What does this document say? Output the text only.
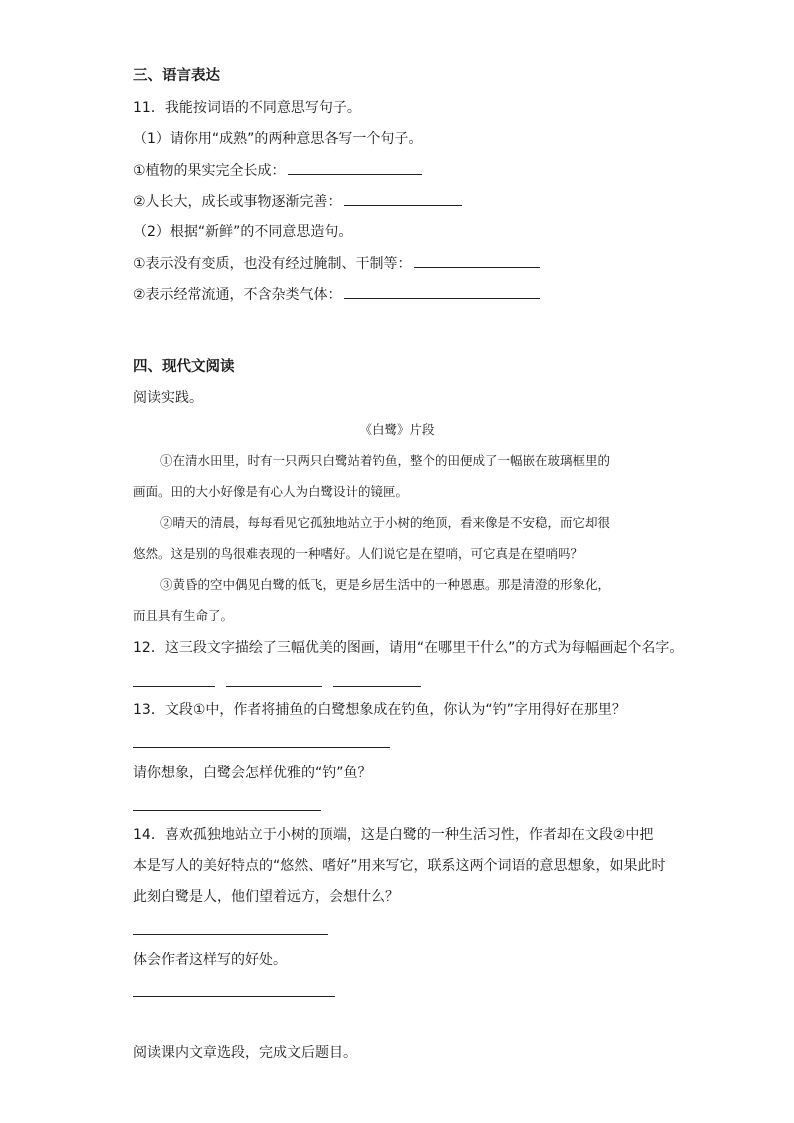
三、语言表达
11．我能按词语的不同意思写句子。
（1）请你用“成熟”的两种意思各写一个句子。
①植物的果实完全长成：
②人长大，成长或事物逐渐完善：
（2）根据“新鲜”的不同意思造句。
①表示没有变质，也没有经过腌制、干制等：
②表示经常流通，不含杂类气体：
四、现代文阅读
阅读实践。
《白鹭》片段
①在清水田里，时有一只两只白鹭站着钓鱼，整个的田便成了一幅嵌在玻璃框里的
画面。田的大小好像是有心人为白鹭设计的镜匣。
②晴天的清晨，每每看见它孤独地站立于小树的绝顶，看来像是不安稳，而它却很
悠然。这是别的鸟很难表现的一种嗜好。人们说它是在望哨，可它真是在望哨吗？
③黄昏的空中偶见白鹭的低飞，更是乡居生活中的一种恩惠。那是清澄的形象化，
而且具有生命了。
12．这三段文字描绘了三幅优美的图画，请用“在哪里干什么”的方式为每幅画起个名字。
13．文段①中，作者将捕鱼的白鹭想象成在钓鱼，你认为“钓”字用得好在那里？
请你想象，白鹭会怎样优雅的“钓”鱼？
14．喜欢孤独地站立于小树的顶端，这是白鹭的一种生活习性，作者却在文段②中把
本是写人的美好特点的“悠然、嗜好”用来写它，联系这两个词语的意思想象，如果此时
此刻白鹭是人，他们望着远方，会想什么？
体会作者这样写的好处。
阅读课内文章选段，完成文后题目。
